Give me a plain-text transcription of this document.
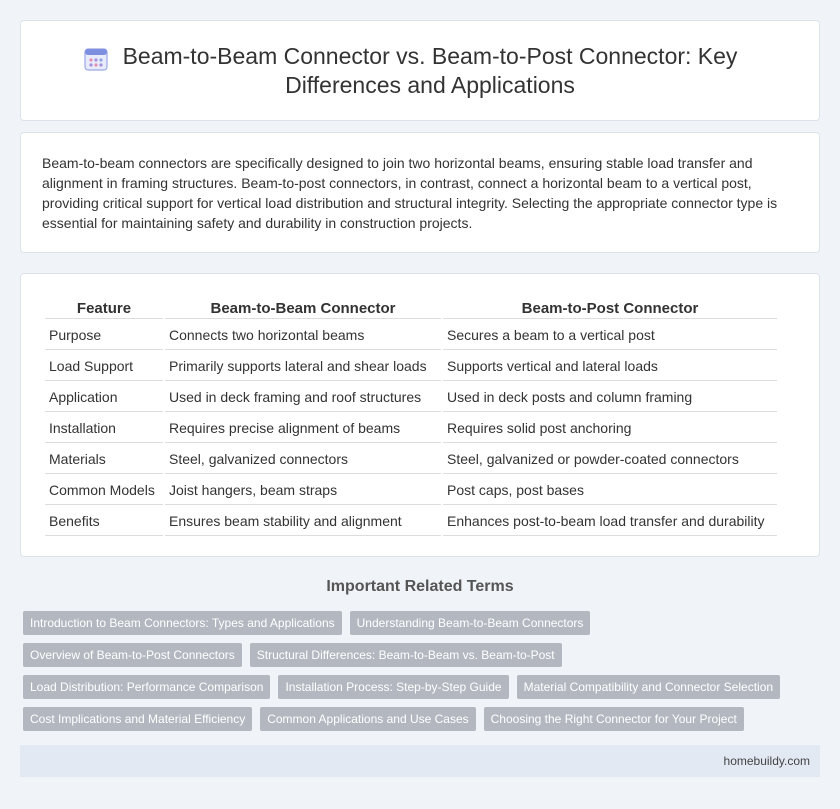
Beam-to-Beam Connector vs. Beam-to-Post Connector: Key Differences and Applications

Beam-to-beam connectors are specifically designed to join two horizontal beams, ensuring stable load transfer and alignment in framing structures. Beam-to-post connectors, in contrast, connect a horizontal beam to a vertical post, providing critical support for vertical load distribution and structural integrity. Selecting the appropriate connector type is essential for maintaining safety and durability in construction projects.

Feature	Beam-to-Beam Connector	Beam-to-Post Connector
Purpose	Connects two horizontal beams	Secures a beam to a vertical post
Load Support	Primarily supports lateral and shear loads	Supports vertical and lateral loads
Application	Used in deck framing and roof structures	Used in deck posts and column framing
Installation	Requires precise alignment of beams	Requires solid post anchoring
Materials	Steel, galvanized connectors	Steel, galvanized or powder-coated connectors
Common Models	Joist hangers, beam straps	Post caps, post bases
Benefits	Ensures beam stability and alignment	Enhances post-to-beam load transfer and durability
Important Related Terms
Introduction to Beam Connectors: Types and Applications	Understanding Beam-to-Beam Connectors
Overview of Beam-to-Post Connectors	Structural Differences: Beam-to-Beam vs. Beam-to-Post
Load Distribution: Performance Comparison	Installation Process: Step-by-Step Guide	Material Compatibility and Connector Selection
Cost Implications and Material Efficiency	Common Applications and Use Cases	Choosing the Right Connector for Your Project
homebuildy.com
